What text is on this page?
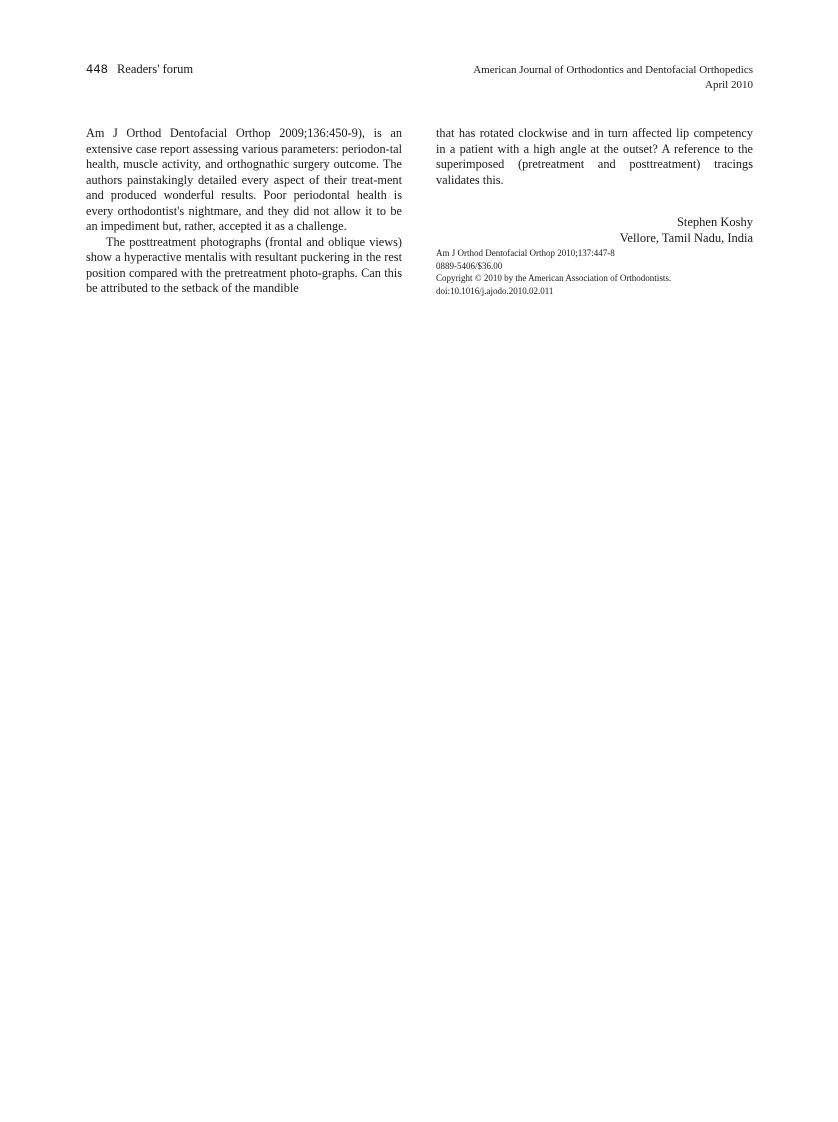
448 Readers' forum	American Journal of Orthodontics and Dentofacial Orthopedics
April 2010

Am J Orthod Dentofacial Orthop 2009;136:450-9), is an extensive case report assessing various parameters: periodon-tal health, muscle activity, and orthognathic surgery outcome. The authors painstakingly detailed every aspect of their treat-ment and produced wonderful results. Poor periodontal health is every orthodontist's nightmare, and they did not allow it to be an impediment but, rather, accepted it as a challenge.

The posttreatment photographs (frontal and oblique views) show a hyperactive mentalis with resultant puckering in the rest position compared with the pretreatment photo-graphs. Can this be attributed to the setback of the mandible

that has rotated clockwise and in turn affected lip competency in a patient with a high angle at the outset? A reference to the superimposed (pretreatment and posttreatment) tracings validates this.

Stephen Koshy
Vellore, Tamil Nadu, India
Am J Orthod Dentofacial Orthop 2010;137:447-8
0889-5406/$36.00
Copyright © 2010 by the American Association of Orthodontists.
doi:10.1016/j.ajodo.2010.02.011
